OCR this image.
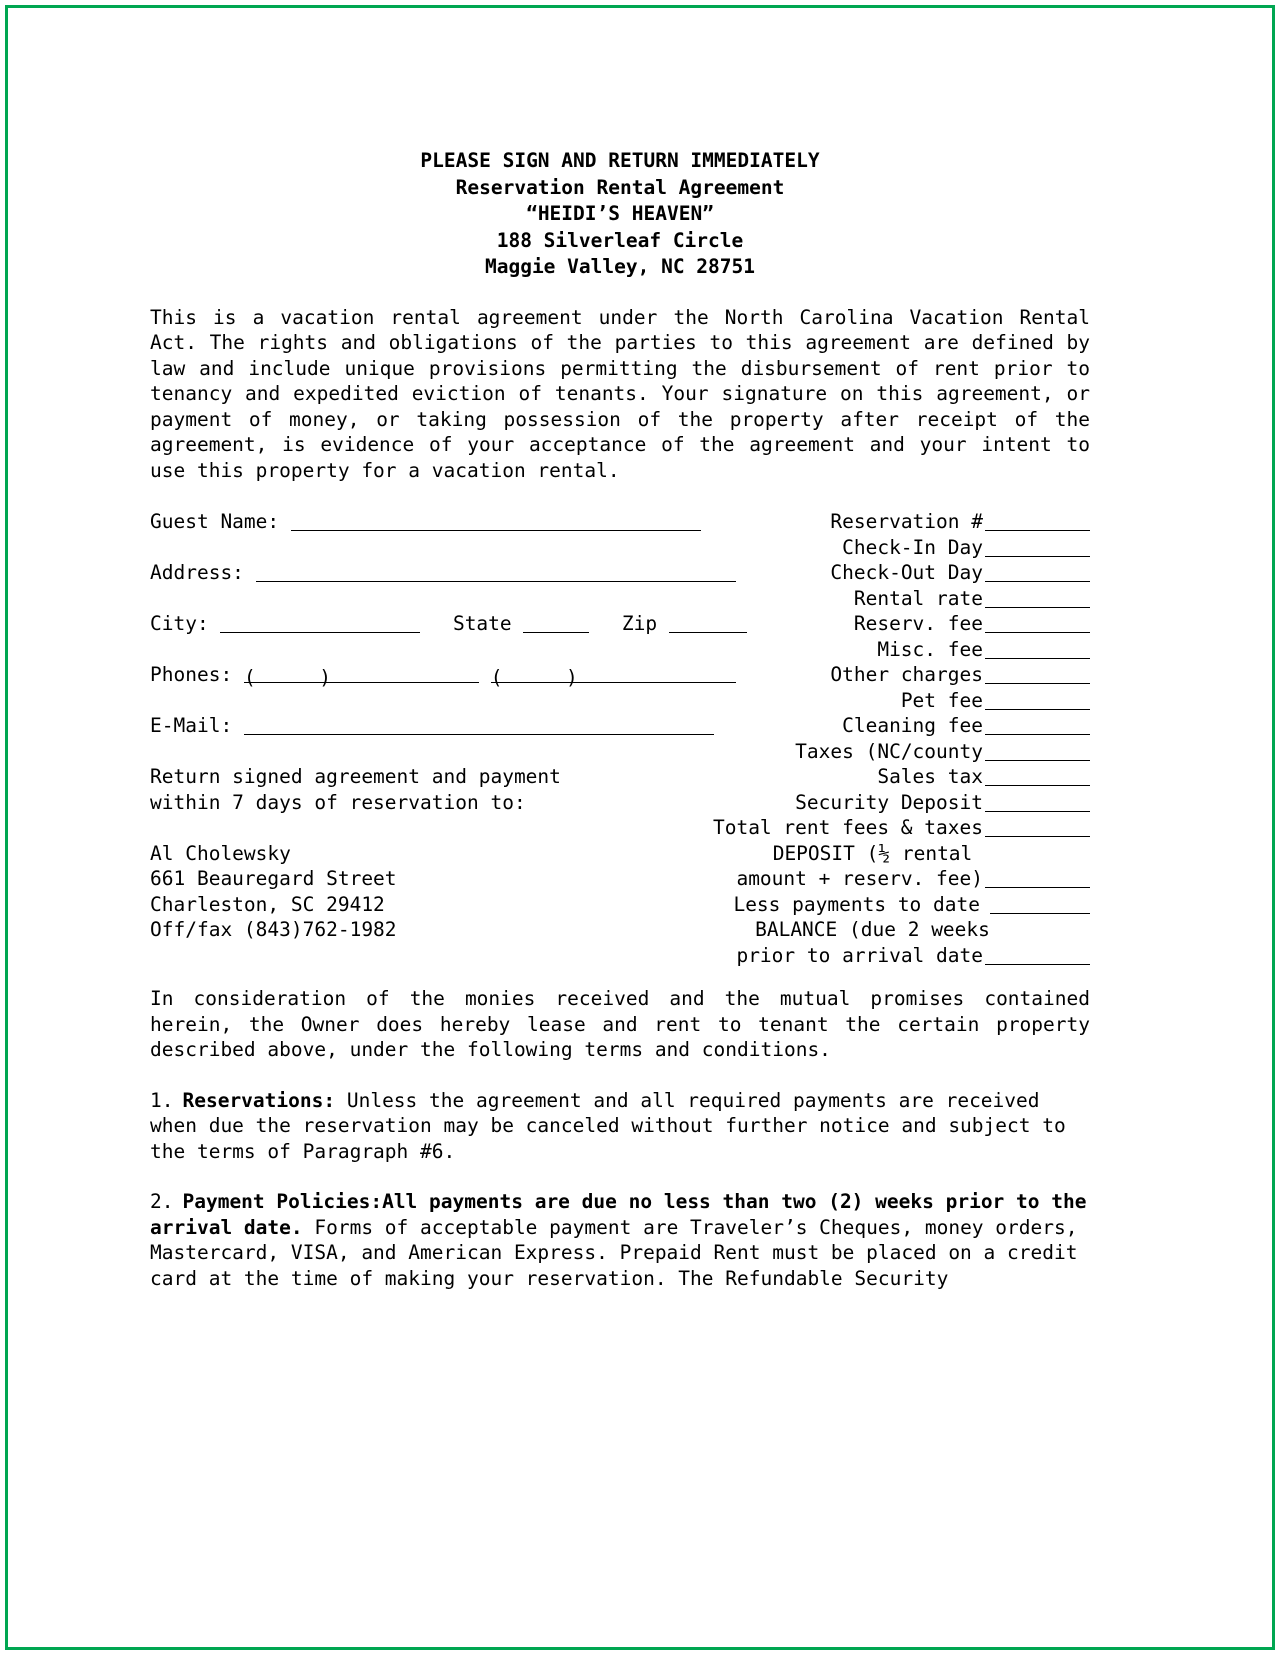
PLEASE SIGN AND RETURN IMMEDIATELY
Reservation Rental Agreement
“HEIDI’S HEAVEN”
188 Silverleaf Circle
Maggie Valley, NC 28751
This is a vacation rental agreement under the North Carolina Vacation Rental Act. The rights and obligations of the parties to this agreement are defined by law and include unique provisions permitting the disbursement of rent prior to tenancy and expedited eviction of tenants. Your signature on this agreement, or payment of money, or taking possession of the property after receipt of the agreement, is evidence of your acceptance of the agreement and your intent to use this property for a vacation rental.
Guest Name:
Address:
City:	State	Zip
Phones: (	)	(	)
E-Mail:
Return signed agreement and payment
within 7 days of reservation to:
Al Cholewsky
661 Beauregard Street
Charleston, SC 29412
Off/fax (843)762-1982
Reservation #
Check-In Day
Check-Out Day
Rental rate
Reserv. fee
Misc. fee
Other charges
Pet fee
Cleaning fee
Taxes (NC/county
Sales tax
Security Deposit
Total rent fees & taxes
DEPOSIT (½ rental
amount + reserv. fee)
Less payments to date
BALANCE (due 2 weeks
prior to arrival date
In consideration of the monies received and the mutual promises contained herein, the Owner does hereby lease and rent to tenant the certain property described above, under the following terms and conditions.
1. Reservations: Unless the agreement and all required payments are received when due the reservation may be canceled without further notice and subject to the terms of Paragraph #6.
2. Payment Policies:All payments are due no less than two (2) weeks prior to the arrival date. Forms of acceptable payment are Traveler’s Cheques, money orders, Mastercard, VISA, and American Express. Prepaid Rent must be placed on a credit card at the time of making your reservation. The Refundable Security
